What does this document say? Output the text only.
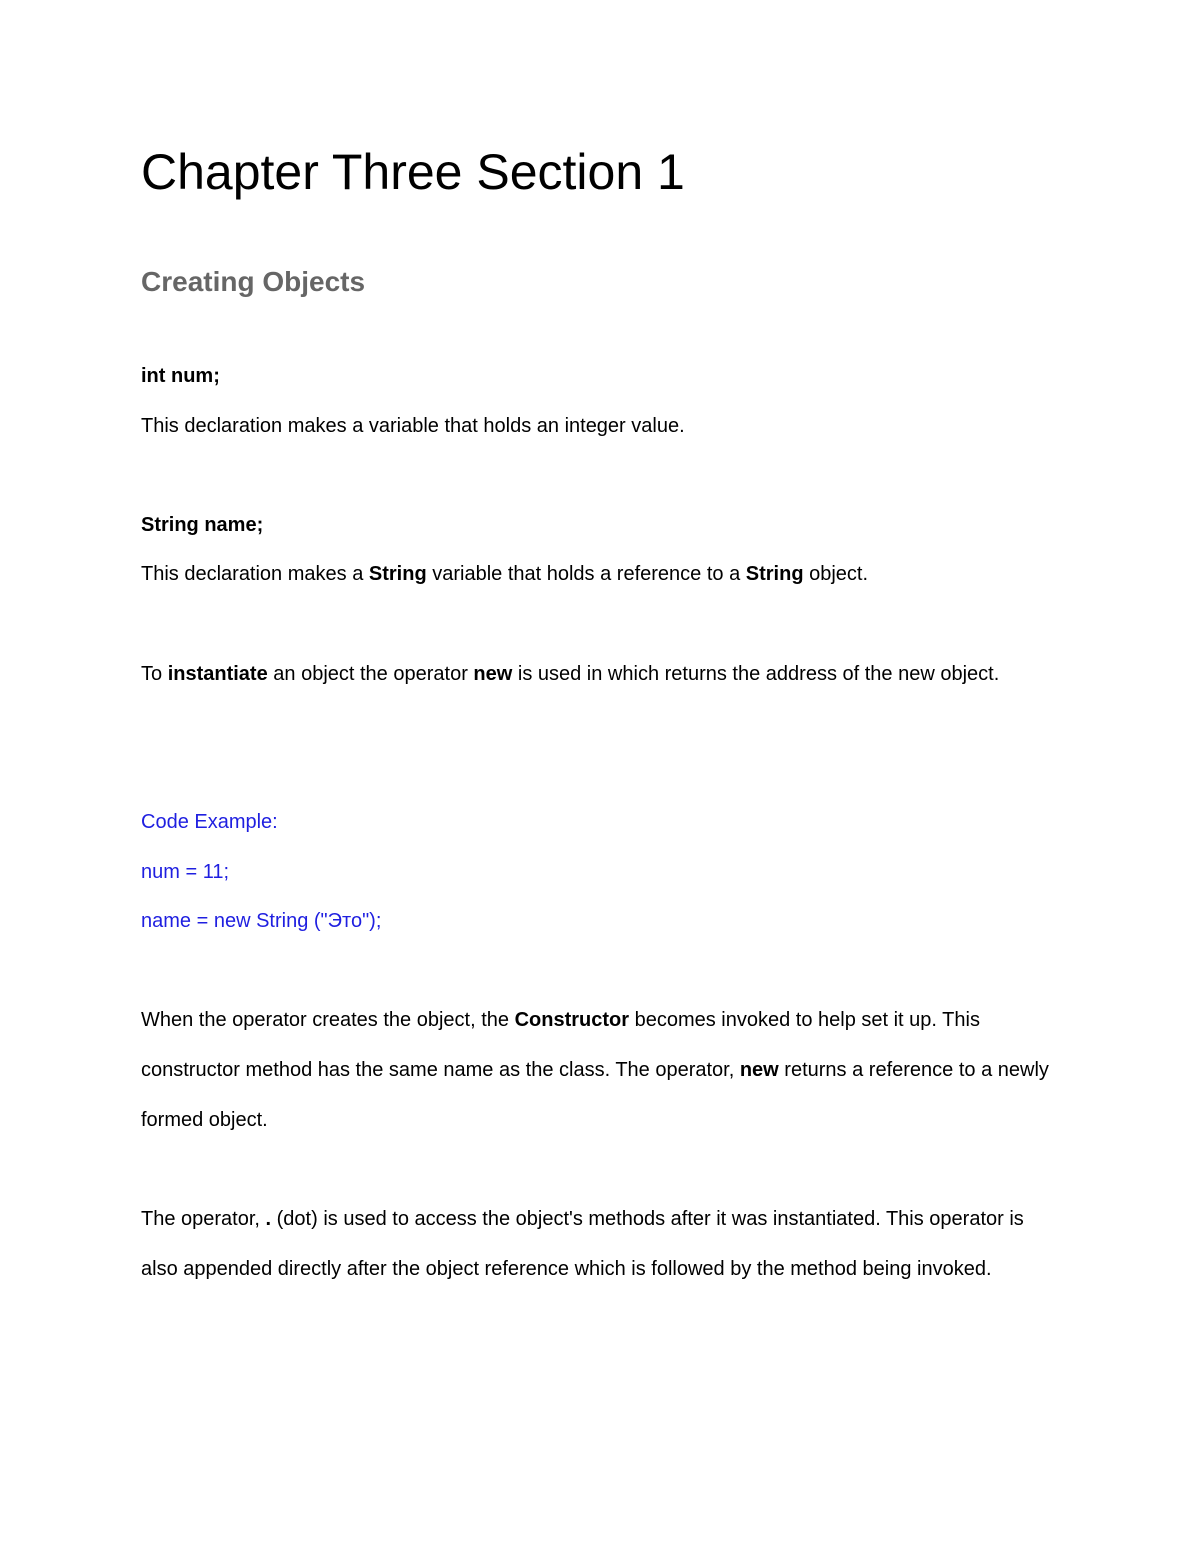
Chapter Three Section 1
Creating Objects

int num;

This declaration makes a variable that holds an integer value.

String name;

This declaration makes a String variable that holds a reference to a String object.

To instantiate an object the operator new is used in which returns the address of the new object.

Code Example:

num = 11;

name = new String ("Это");

When the operator creates the object, the Constructor becomes invoked to help set it up. This constructor method has the same name as the class. The operator, new returns a reference to a newly formed object.

The operator, . (dot) is used to access the object's methods after it was instantiated. This operator is also appended directly after the object reference which is followed by the method being invoked.
